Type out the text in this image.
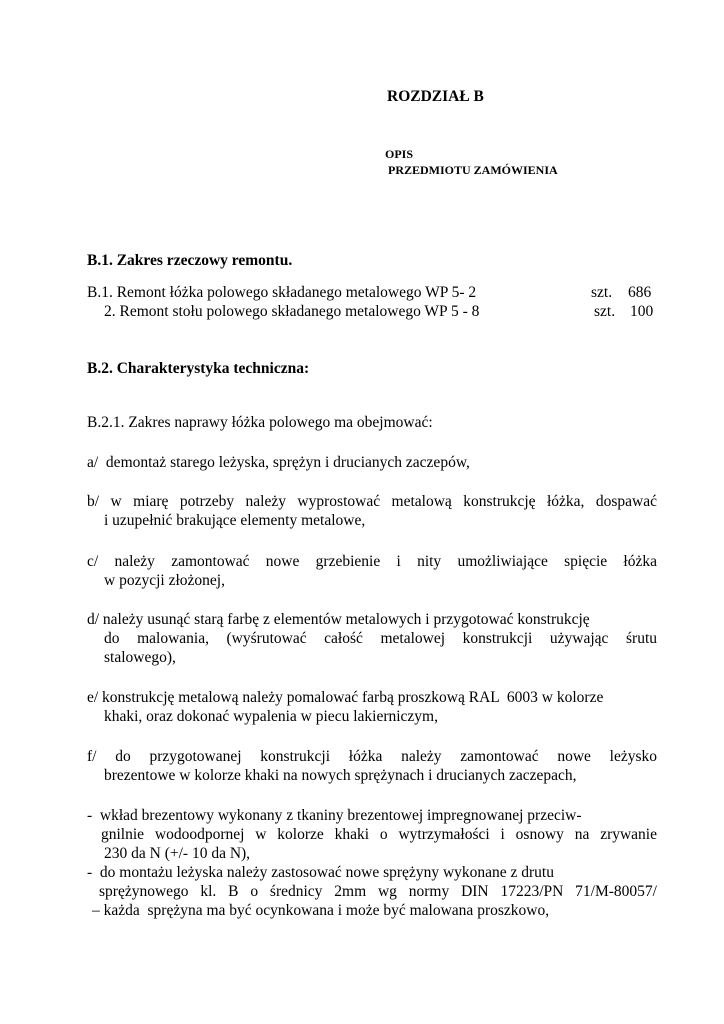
ROZDZIAŁ B
OPIS
PRZEDMIOTU ZAMÓWIENIA
B.1. Zakres rzeczowy remontu.
B.1. Remont łóżka polowego składanego metalowego WP 5- 2	szt. 686
2. Remont stołu polowego składanego metalowego WP 5 - 8	szt. 100
B.2. Charakterystyka techniczna:
B.2.1. Zakres naprawy łóżka polowego ma obejmować:
a/  demontaż starego leżyska, sprężyn i drucianych zaczepów,
b/ w miarę potrzeby należy wyprostować metalową konstrukcję łóżka, dospawać
i uzupełnić brakujące elementy metalowe,
c/ należy zamontować nowe grzebienie i nity umożliwiające spięcie łóżka
w pozycji złożonej,
d/ należy usunąć starą farbę z elementów metalowych i przygotować konstrukcję
do malowania, (wyśrutować całość metalowej konstrukcji używając śrutu
stalowego),
e/ konstrukcję metalową należy pomalować farbą proszkową RAL  6003 w kolorze
khaki, oraz dokonać wypalenia w piecu lakierniczym,
f/ do przygotowanej konstrukcji łóżka należy zamontować nowe leżysko
brezentowe w kolorze khaki na nowych sprężynach i drucianych zaczepach,
-  wkład brezentowy wykonany z tkaniny brezentowej impregnowanej przeciw-
gnilnie wodoodpornej w kolorze khaki o wytrzymałości i osnowy na zrywanie
230 da N (+/- 10 da N),
-  do montażu leżyska należy zastosować nowe sprężyny wykonane z drutu
sprężynowego kl. B o średnicy 2mm wg normy DIN 17223/PN 71/M-80057/
– każda  sprężyna ma być ocynkowana i może być malowana proszkowo,
